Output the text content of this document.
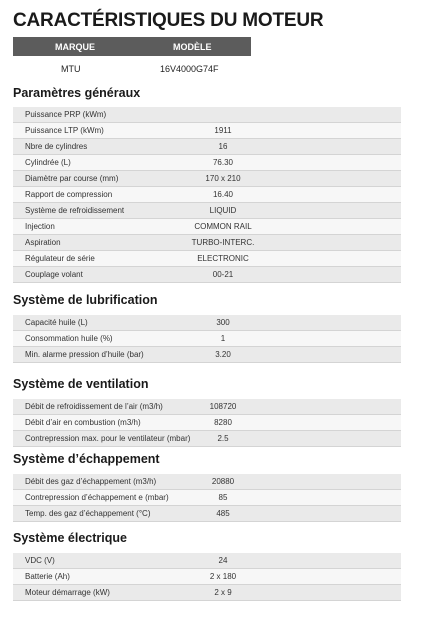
CARACTÉRISTIQUES DU MOTEUR
MARQUE	MODÈLE
MTU	16V4000G74F
Paramètres généraux
Puissance PRP (kWm)
Puissance LTP (kWm)	1911
Nbre de cylindres	16
Cylindrée (L)	76.30
Diamètre par course (mm)	170 x 210
Rapport de compression	16.40
Système de refroidissement	LIQUID
Injection	COMMON RAIL
Aspiration	TURBO-INTERC.
Régulateur de série	ELECTRONIC
Couplage volant	00-21
Système de lubrification
Capacité huile (L)	300
Consommation huile (%)	1
Min. alarme pression d’huile (bar)	3.20
Système de ventilation
Débit de refroidissement de l’air (m3/h)	108720
Débit d’air en combustion (m3/h)	8280
Contrepression max. pour le ventilateur (mbar)	2.5
Système d’échappement
Débit des gaz d’échappement (m3/h)	20880
Contrepression d’échappement e (mbar)	85
Temp. des gaz d’échappement (°C)	485
Système électrique
VDC (V)	24
Batterie (Ah)	2 x 180
Moteur démarrage (kW)	2 x 9
